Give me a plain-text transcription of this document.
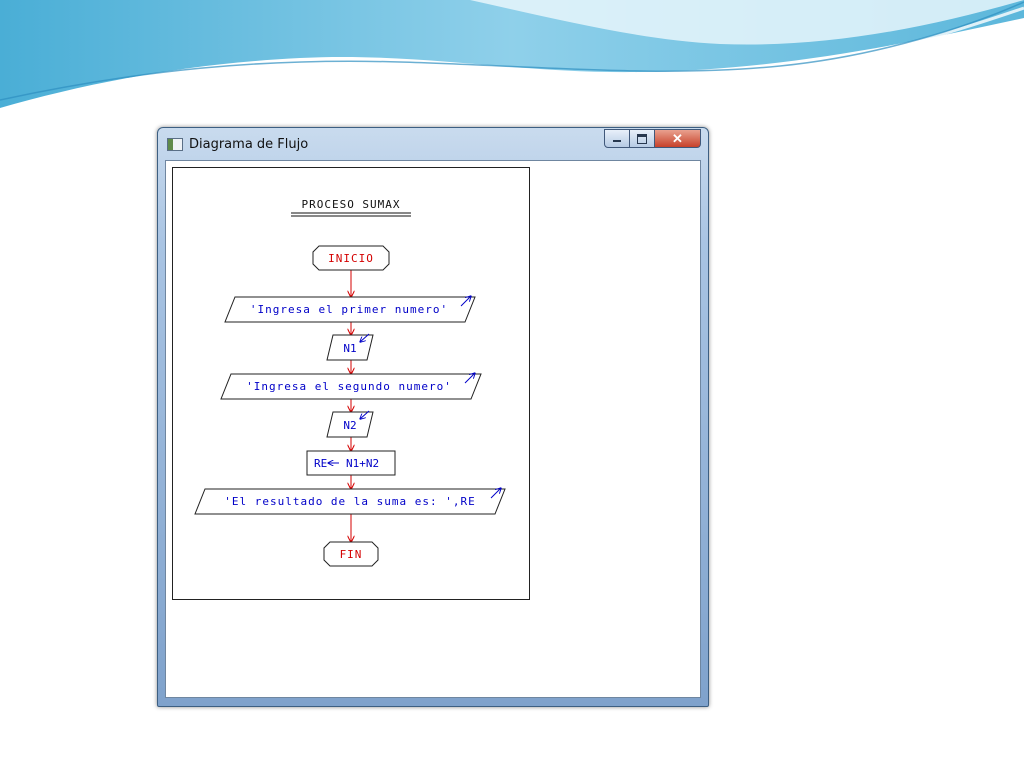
Diagrama de Flujo	✕
PROCESO SUMAX
INICIO
'Ingresa el primer numero'
N1
'Ingresa el segundo numero'
N2
RE N1+N2
'El resultado de la suma es: ',RE
FIN
